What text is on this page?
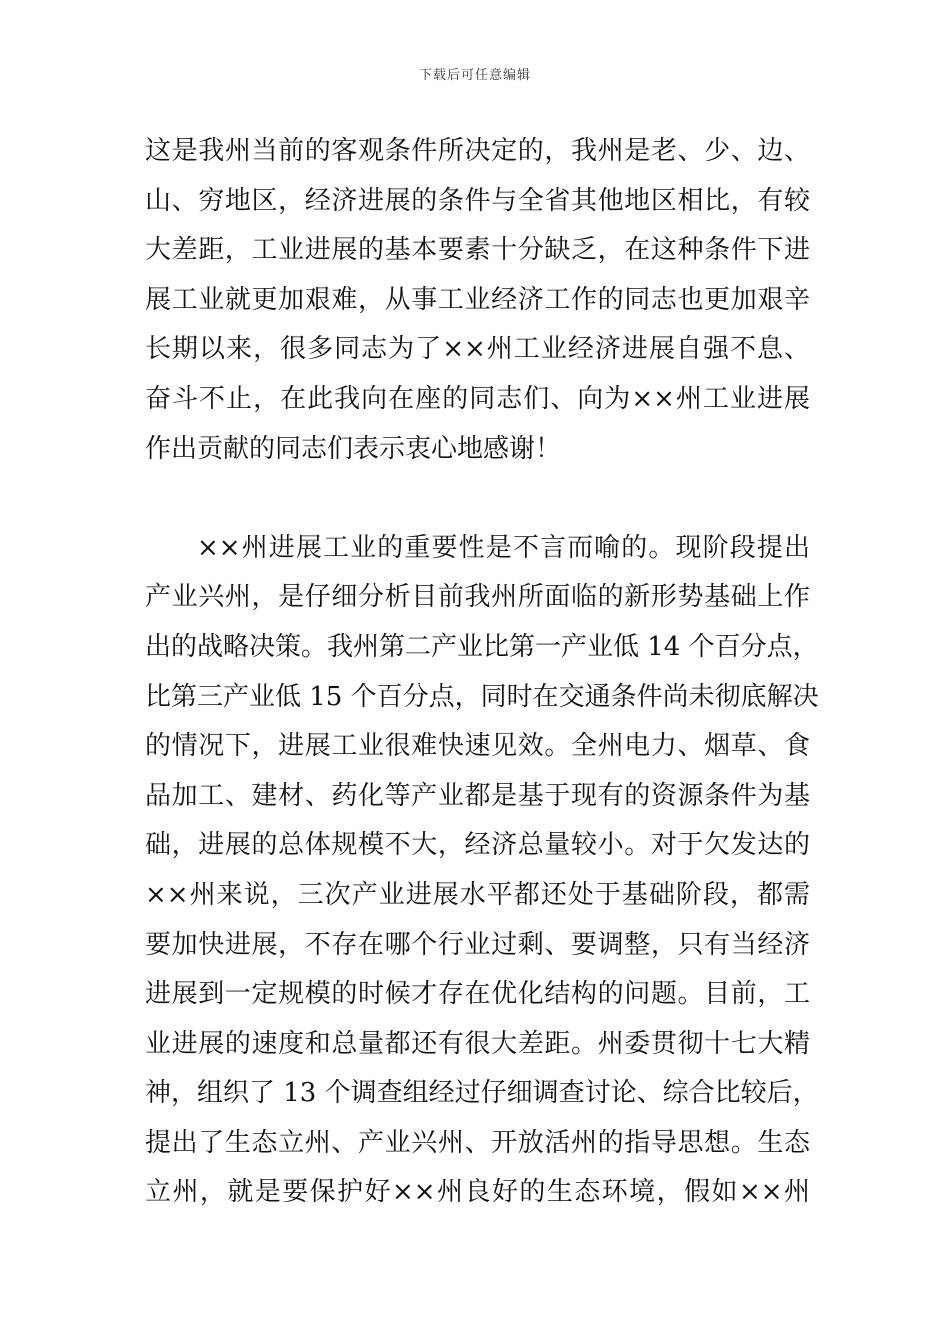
下载后可任意编辑
这是我州当前的客观条件所决定的，我州是老、少、边、
山、穷地区，经济进展的条件与全省其他地区相比，有较
大差距，工业进展的基本要素十分缺乏，在这种条件下进
展工业就更加艰难，从事工业经济工作的同志也更加艰辛
长期以来，很多同志为了××州工业经济进展自强不息、
奋斗不止，在此我向在座的同志们、向为××州工业进展
作出贡献的同志们表示衷心地感谢！
××州进展工业的重要性是不言而喻的。现阶段提出
产业兴州，是仔细分析目前我州所面临的新形势基础上作
出的战略决策。我州第二产业比第一产业低 14 个百分点，
比第三产业低 15 个百分点，同时在交通条件尚未彻底解决
的情况下，进展工业很难快速见效。全州电力、烟草、食
品加工、建材、药化等产业都是基于现有的资源条件为基
础，进展的总体规模不大，经济总量较小。对于欠发达的
××州来说，三次产业进展水平都还处于基础阶段，都需
要加快进展，不存在哪个行业过剩、要调整，只有当经济
进展到一定规模的时候才存在优化结构的问题。目前，工
业进展的速度和总量都还有很大差距。州委贯彻十七大精
神，组织了 13 个调查组经过仔细调查讨论、综合比较后，
提出了生态立州、产业兴州、开放活州的指导思想。生态
立州，就是要保护好××州良好的生态环境，假如××州
